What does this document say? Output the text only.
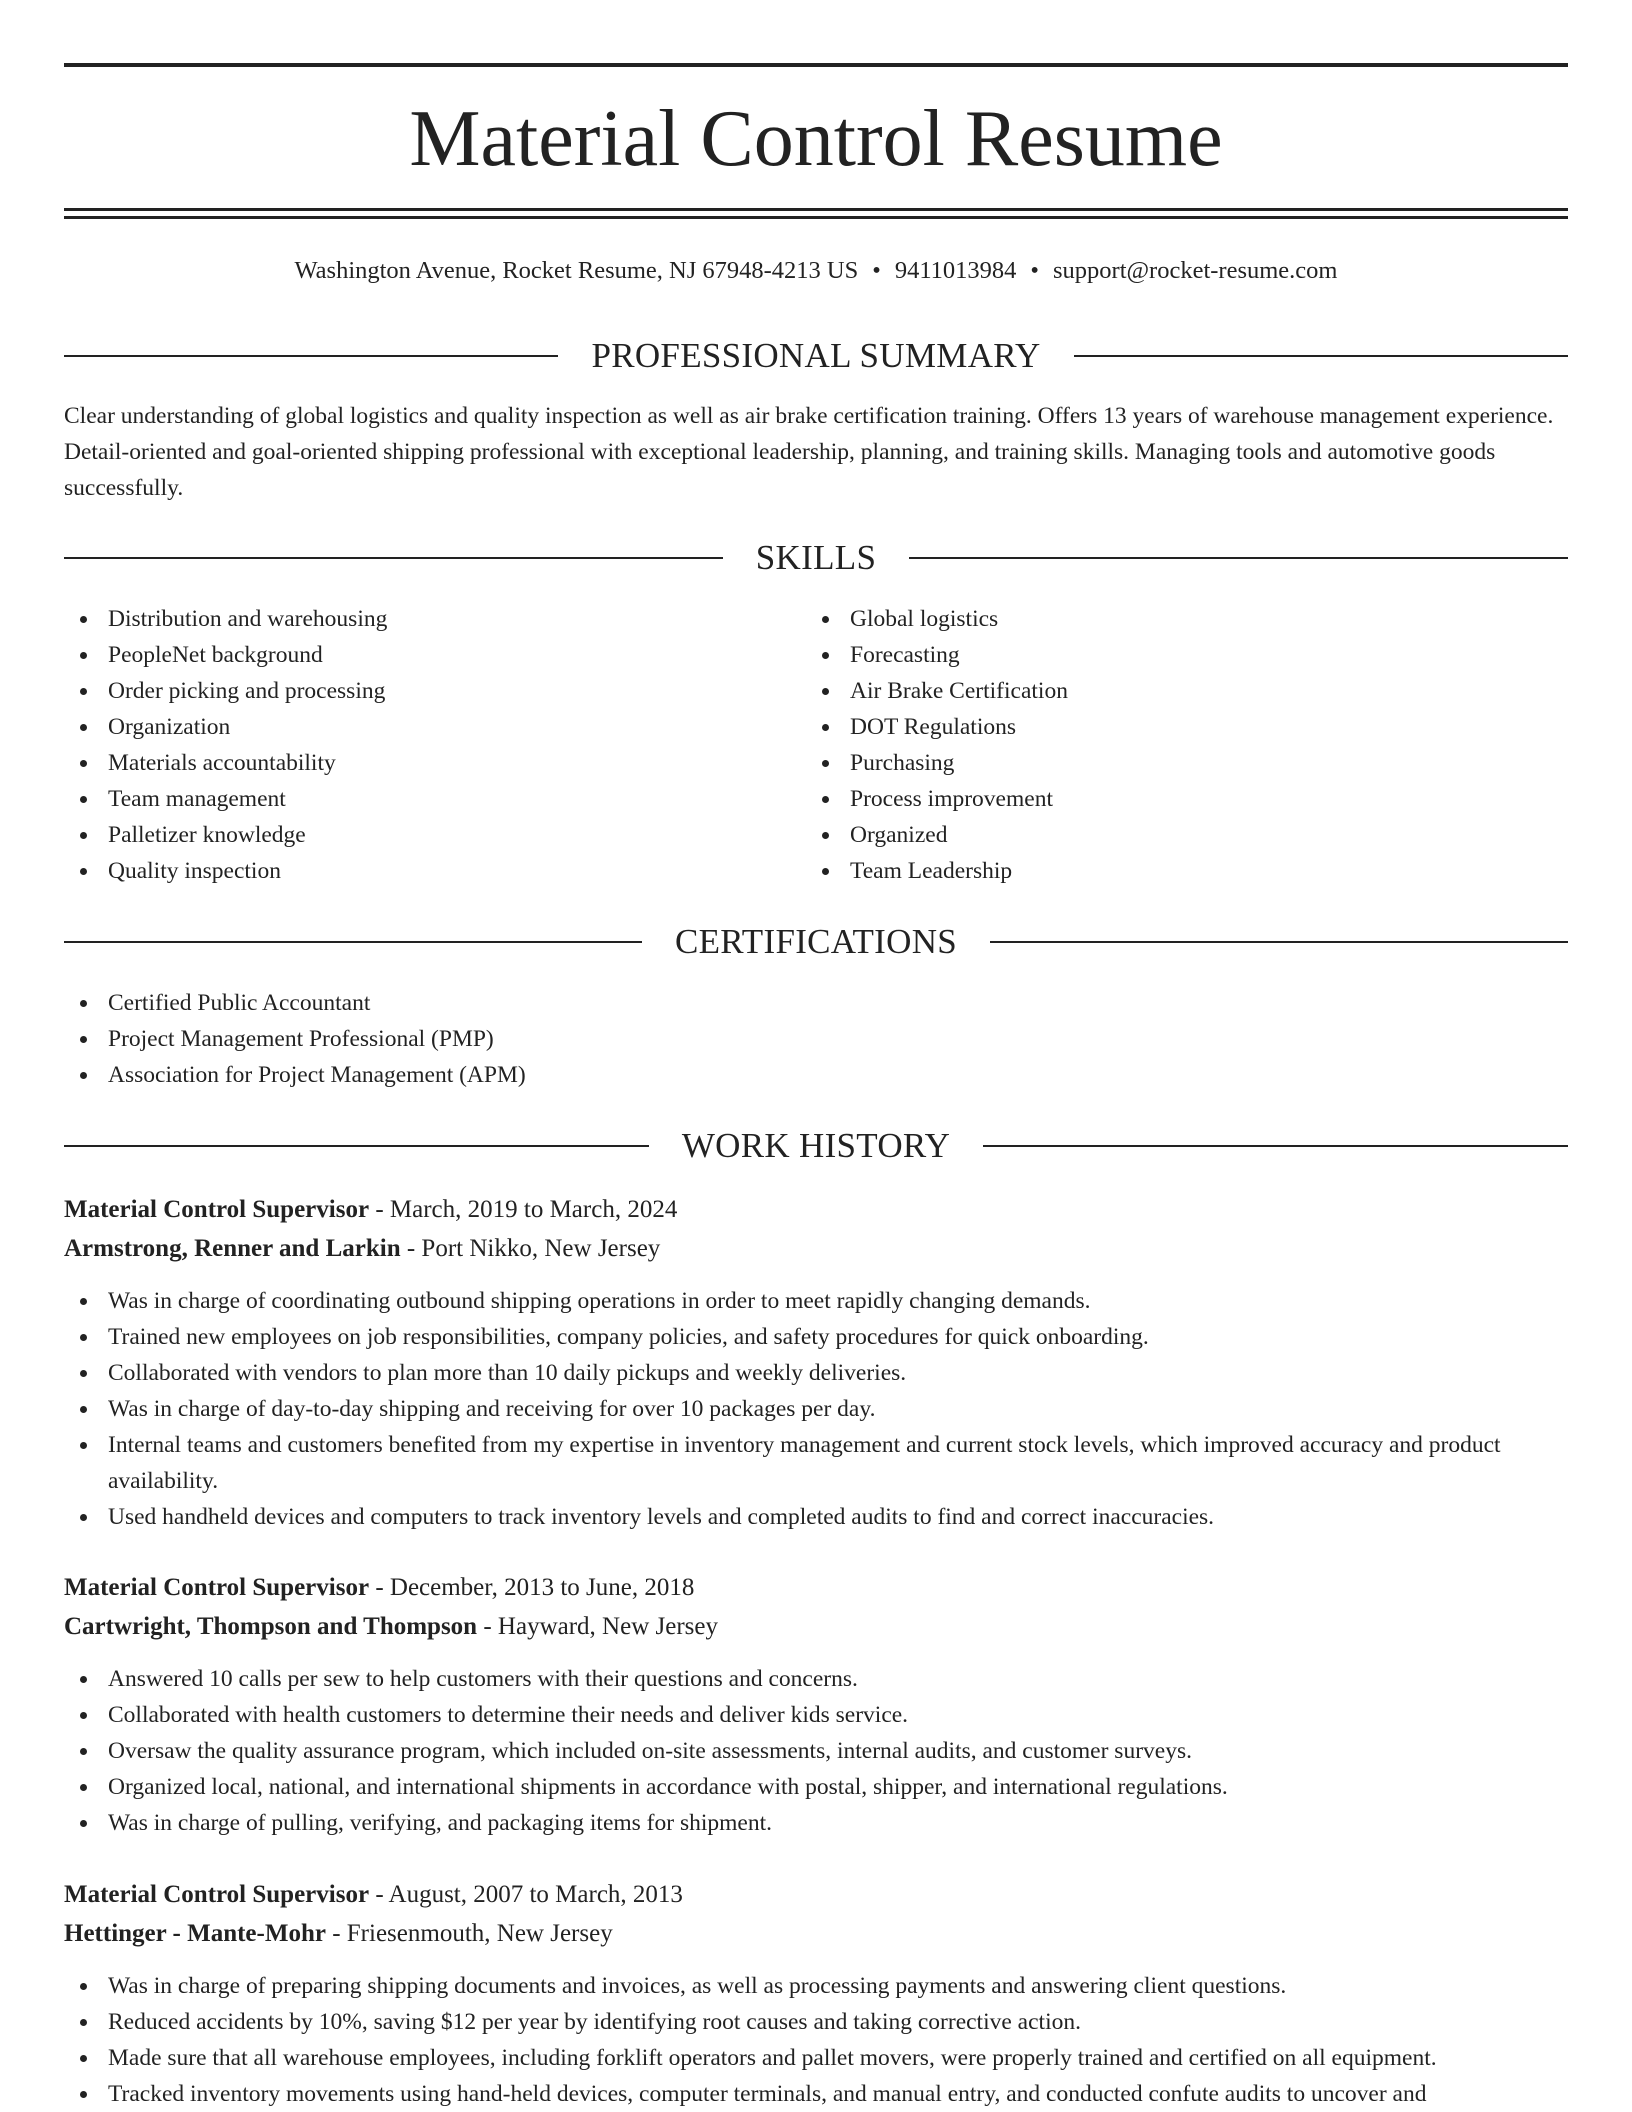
Material Control Resume
Washington Avenue, Rocket Resume, NJ 67948-4213 US • 9411013984 • support@rocket-resume.com
PROFESSIONAL SUMMARY
Clear understanding of global logistics and quality inspection as well as air brake certification training. Offers 13 years of warehouse management experience. Detail-oriented and goal-oriented shipping professional with exceptional leadership, planning, and training skills. Managing tools and automotive goods successfully.
SKILLS
Distribution and warehousing
PeopleNet background
Order picking and processing
Organization
Materials accountability
Team management
Palletizer knowledge
Quality inspection
Global logistics
Forecasting
Air Brake Certification
DOT Regulations
Purchasing
Process improvement
Organized
Team Leadership
CERTIFICATIONS
Certified Public Accountant
Project Management Professional (PMP)
Association for Project Management (APM)
WORK HISTORY
Material Control Supervisor - March, 2019 to March, 2024
Armstrong, Renner and Larkin - Port Nikko, New Jersey
Was in charge of coordinating outbound shipping operations in order to meet rapidly changing demands.
Trained new employees on job responsibilities, company policies, and safety procedures for quick onboarding.
Collaborated with vendors to plan more than 10 daily pickups and weekly deliveries.
Was in charge of day-to-day shipping and receiving for over 10 packages per day.
Internal teams and customers benefited from my expertise in inventory management and current stock levels, which improved accuracy and product availability.
Used handheld devices and computers to track inventory levels and completed audits to find and correct inaccuracies.
Material Control Supervisor - December, 2013 to June, 2018
Cartwright, Thompson and Thompson - Hayward, New Jersey
Answered 10 calls per sew to help customers with their questions and concerns.
Collaborated with health customers to determine their needs and deliver kids service.
Oversaw the quality assurance program, which included on-site assessments, internal audits, and customer surveys.
Organized local, national, and international shipments in accordance with postal, shipper, and international regulations.
Was in charge of pulling, verifying, and packaging items for shipment.
Material Control Supervisor - August, 2007 to March, 2013
Hettinger - Mante-Mohr - Friesenmouth, New Jersey
Was in charge of preparing shipping documents and invoices, as well as processing payments and answering client questions.
Reduced accidents by 10%, saving $12 per year by identifying root causes and taking corrective action.
Made sure that all warehouse employees, including forklift operators and pallet movers, were properly trained and certified on all equipment.
Tracked inventory movements using hand-held devices, computer terminals, and manual entry, and conducted confute audits to uncover and
